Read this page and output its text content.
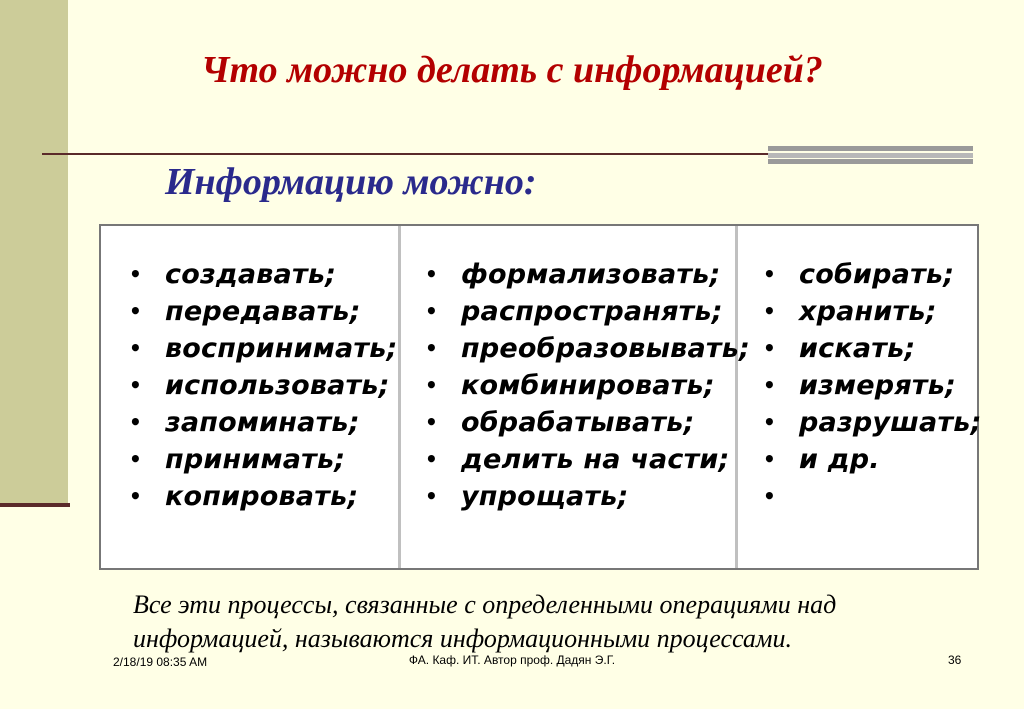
Что можно делать с информацией?
Информацию можно:
• создавать;
• передавать;
• воспринимать;
• использовать;
• запоминать;
• принимать;
• копировать;
• формализовать;
• распространять;
• преобразовывать;
• комбинировать;
• обрабатывать;
• делить на части;
• упрощать;
• собирать;
• хранить;
• искать;
• измерять;
• разрушать;
• и др.
•
Все эти процессы, связанные с определенными операциями над информацией, называются информационными процессами.
2/18/19 08:35 AM	ФА. Каф. ИТ. Автор проф. Дадян Э.Г.	36
